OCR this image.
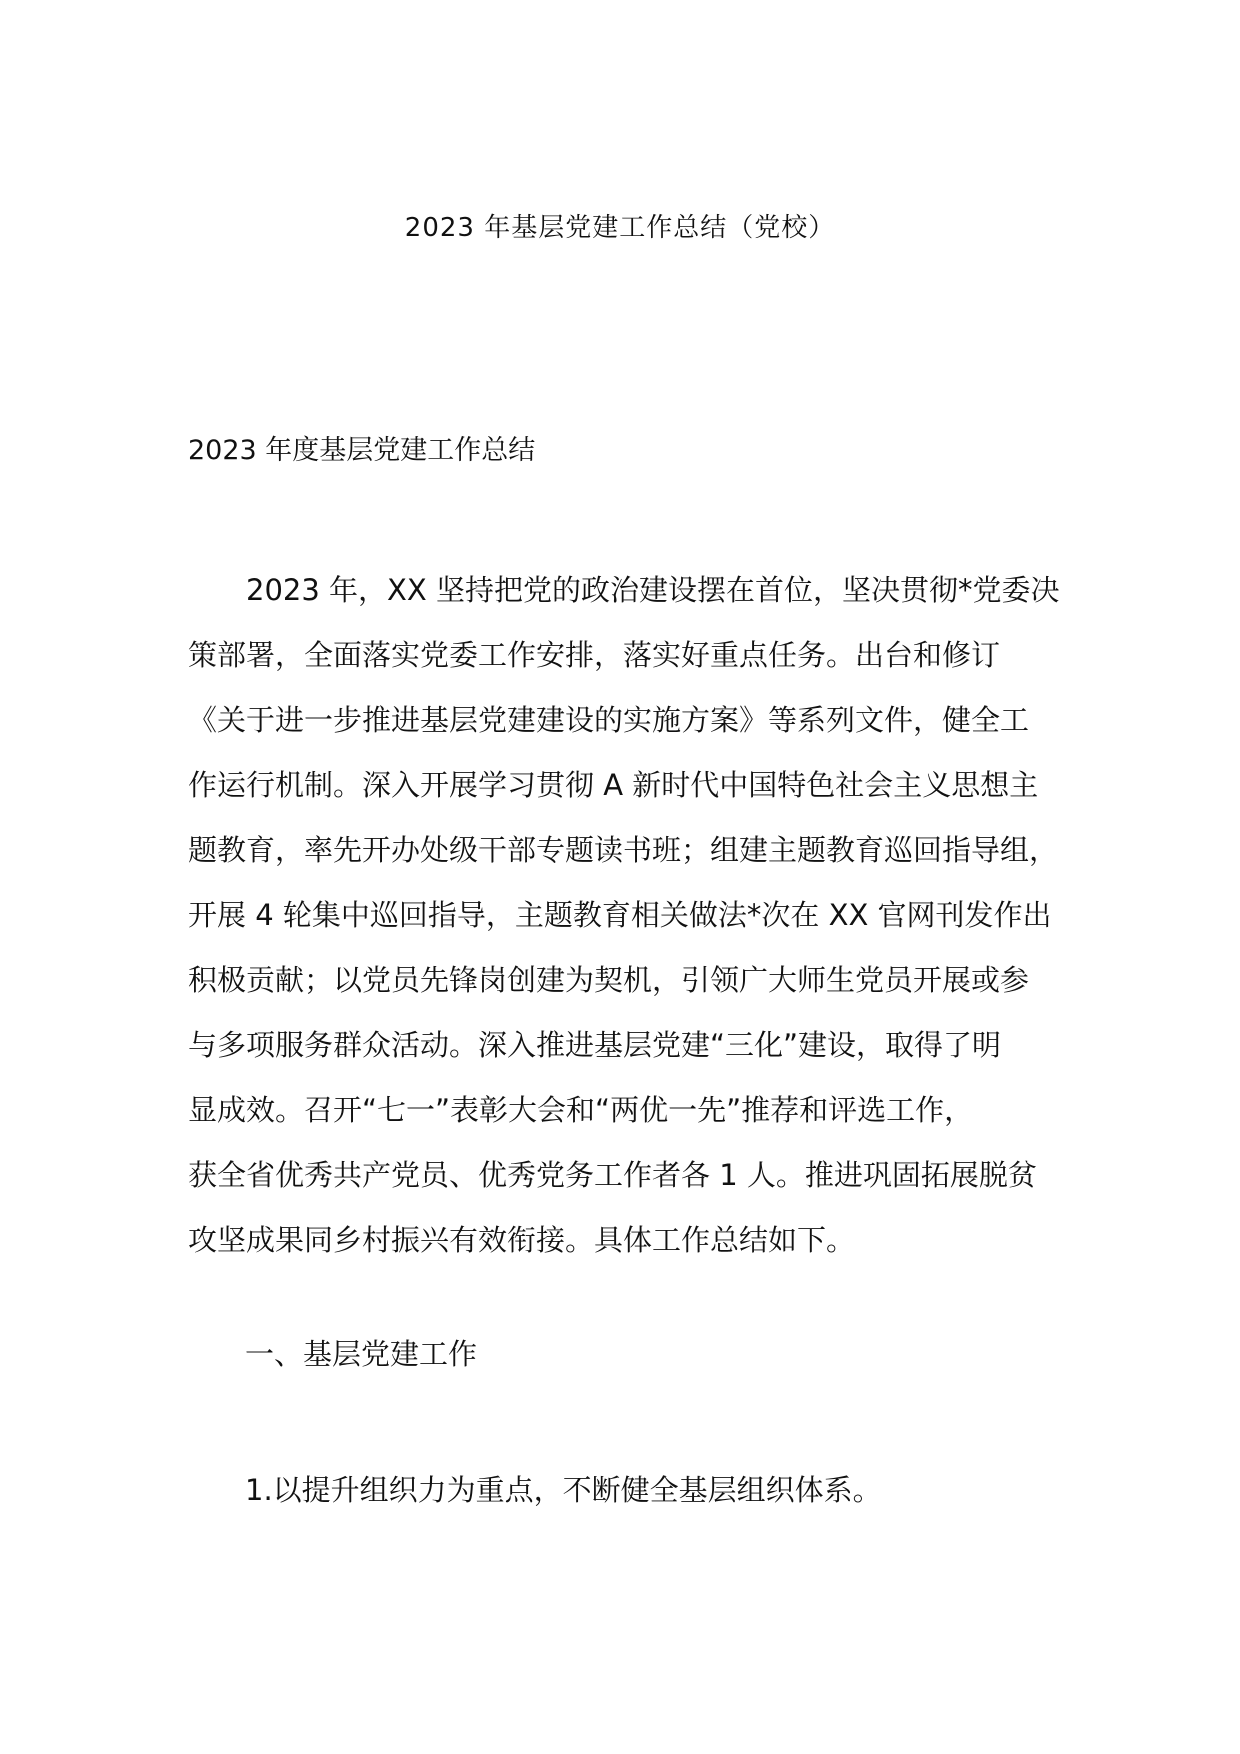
2023 年基层党建工作总结（党校）
2023 年度基层党建工作总结
　　2023 年，XX 坚持把党的政治建设摆在首位，坚决贯彻*党委决
策部署，全面落实党委工作安排，落实好重点任务。出台和修订
《关于进一步推进基层党建建设的实施方案》等系列文件，健全工
作运行机制。深入开展学习贯彻 A 新时代中国特色社会主义思想主
题教育，率先开办处级干部专题读书班；组建主题教育巡回指导组，
开展 4 轮集中巡回指导，主题教育相关做法*次在 XX 官网刊发作出
积极贡献；以党员先锋岗创建为契机，引领广大师生党员开展或参
与多项服务群众活动。深入推进基层党建“三化”建设，取得了明
显成效。召开“七一”表彰大会和“两优一先”推荐和评选工作，
获全省优秀共产党员、优秀党务工作者各 1 人。推进巩固拓展脱贫
攻坚成果同乡村振兴有效衔接。具体工作总结如下。
一、基层党建工作
1.以提升组织力为重点，不断健全基层组织体系。
